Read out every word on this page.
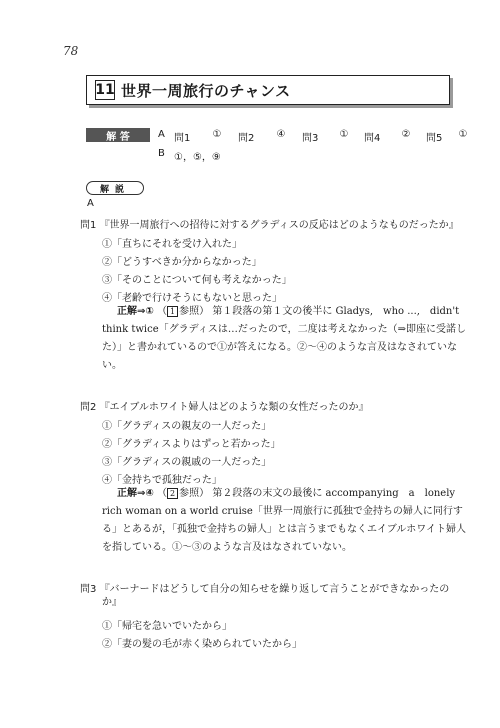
78
11 世界一周旅行のチャンス
解 答	A 問1	①	問2	④	問3	①	問4	②	問5	①
B ①，⑤，⑨
解説
A
問1 『世界一周旅行への招待に対するグラディスの反応はどのようなものだったか』
①「直ちにそれを受け入れた」
②「どうすべきか分からなかった」
③「そのことについて何も考えなかった」
④「老齢で行けそうにもないと思った」
正解⇒① （ 1 参照） 第１段落の第１文の後半に Gladys,　who ...,　didn't
think twice「グラディスは…だったので，二度は考えなかった（⇒即座に受諾し
た）」と書かれているので①が答えになる。②～④のような言及はなされていな
い。
問2 『エイブルホワイト婦人はどのような類の女性だったのか』
①「グラディスの親友の一人だった」
②「グラディスよりはずっと若かった」
③「グラディスの親戚の一人だった」
④「金持ちで孤独だった」
正解⇒④ （ 2 参照） 第２段落の末文の最後に accompanying　a　lonely
rich woman on a world cruise「世界一周旅行に孤独で金持ちの婦人に同行す
る」とあるが，「孤独で金持ちの婦人」とは言うまでもなくエイブルホワイト婦人
を指している。①～③のような言及はなされていない。
問3 『バーナードはどうして自分の知らせを繰り返して言うことができなかったの
か』
①「帰宅を急いでいたから」
②「妻の髪の毛が赤く染められていたから」
